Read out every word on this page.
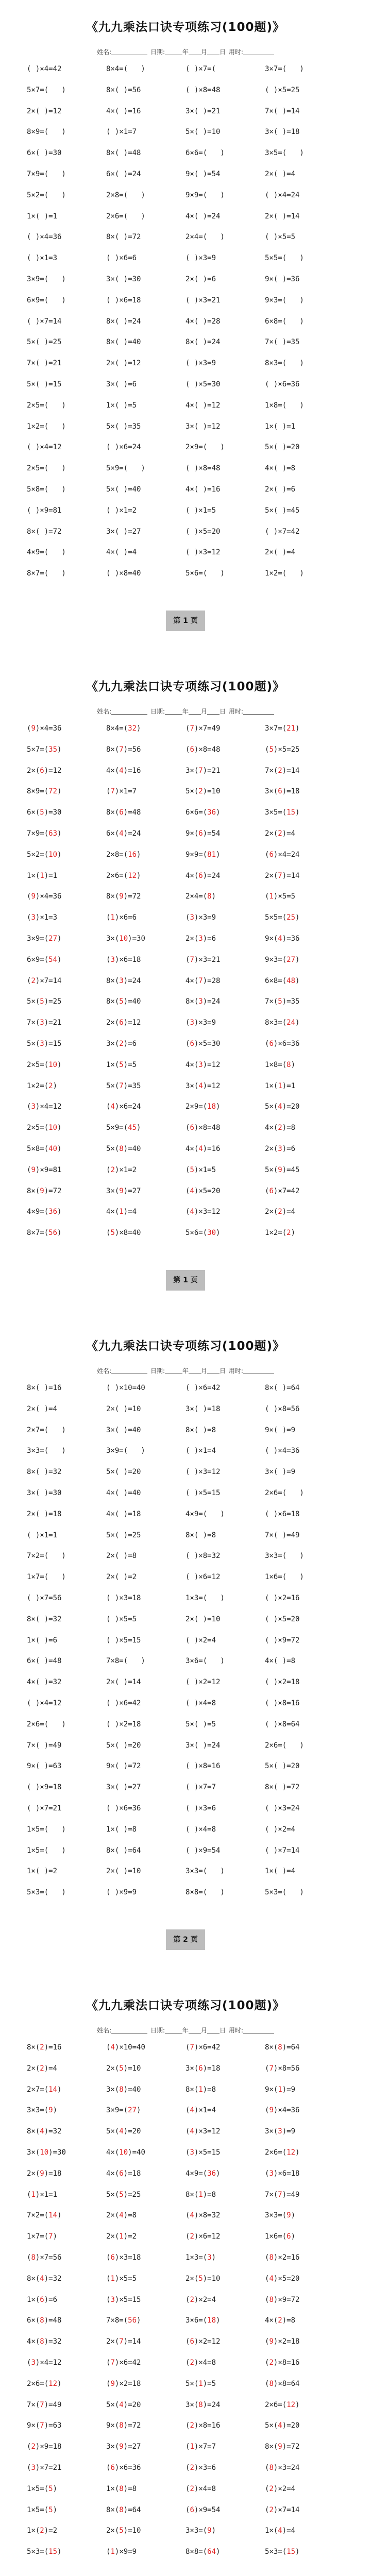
《九九乘法口诀专项练习(100题)》
姓名:	日期:	年 月 日 用时:
( )×4=42	8×4=(   )	( )×7=(	3×7=(   )
5×7=(   )	8×( )=56	( )×8=48	( )×5=25
2×( )=12	4×( )=16	3×( )=21	7×( )=14
8×9=(   )	( )×1=7	5×( )=10	3×( )=18
6×( )=30	8×( )=48	6×6=(   )	3×5=(   )
7×9=(   )	6×( )=24	9×( )=54	2×( )=4
5×2=(   )	2×8=(   )	9×9=(   )	( )×4=24
1×( )=1	2×6=(   )	4×( )=24	2×( )=14
( )×4=36	8×( )=72	2×4=(   )	( )×5=5
( )×1=3	( )×6=6	( )×3=9	5×5=(   )
3×9=(   )	3×( )=30	2×( )=6	9×( )=36
6×9=(   )	( )×6=18	( )×3=21	9×3=(   )
( )×7=14	8×( )=24	4×( )=28	6×8=(   )
5×( )=25	8×( )=40	8×( )=24	7×( )=35
7×( )=21	2×( )=12	( )×3=9	8×3=(   )
5×( )=15	3×( )=6	( )×5=30	( )×6=36
2×5=(   )	1×( )=5	4×( )=12	1×8=(   )
1×2=(   )	5×( )=35	3×( )=12	1×( )=1
( )×4=12	( )×6=24	2×9=(   )	5×( )=20
2×5=(   )	5×9=(   )	( )×8=48	4×( )=8
5×8=(   )	5×( )=40	4×( )=16	2×( )=6
( )×9=81	( )×1=2	( )×1=5	5×( )=45
8×( )=72	3×( )=27	( )×5=20	( )×7=42
4×9=(   )	4×( )=4	( )×3=12	2×( )=4
8×7=(   )	( )×8=40	5×6=(   )	1×2=(   )
第 1 页
《九九乘法口诀专项练习(100题)》
姓名:	日期:	年 月 日 用时:
(9)×4=36	8×4=(32)	(7)×7=49	3×7=(21)
5×7=(35)	8×(7)=56	(6)×8=48	(5)×5=25
2×(6)=12	4×(4)=16	3×(7)=21	7×(2)=14
8×9=(72)	(7)×1=7	5×(2)=10	3×(6)=18
6×(5)=30	8×(6)=48	6×6=(36)	3×5=(15)
7×9=(63)	6×(4)=24	9×(6)=54	2×(2)=4
5×2=(10)	2×8=(16)	9×9=(81)	(6)×4=24
1×(1)=1	2×6=(12)	4×(6)=24	2×(7)=14
(9)×4=36	8×(9)=72	2×4=(8)	(1)×5=5
(3)×1=3	(1)×6=6	(3)×3=9	5×5=(25)
3×9=(27)	3×(10)=30	2×(3)=6	9×(4)=36
6×9=(54)	(3)×6=18	(7)×3=21	9×3=(27)
(2)×7=14	8×(3)=24	4×(7)=28	6×8=(48)
5×(5)=25	8×(5)=40	8×(3)=24	7×(5)=35
7×(3)=21	2×(6)=12	(3)×3=9	8×3=(24)
5×(3)=15	3×(2)=6	(6)×5=30	(6)×6=36
2×5=(10)	1×(5)=5	4×(3)=12	1×8=(8)
1×2=(2)	5×(7)=35	3×(4)=12	1×(1)=1
(3)×4=12	(4)×6=24	2×9=(18)	5×(4)=20
2×5=(10)	5×9=(45)	(6)×8=48	4×(2)=8
5×8=(40)	5×(8)=40	4×(4)=16	2×(3)=6
(9)×9=81	(2)×1=2	(5)×1=5	5×(9)=45
8×(9)=72	3×(9)=27	(4)×5=20	(6)×7=42
4×9=(36)	4×(1)=4	(4)×3=12	2×(2)=4
8×7=(56)	(5)×8=40	5×6=(30)	1×2=(2)
第 1 页
《九九乘法口诀专项练习(100题)》
姓名:	日期:	年 月 日 用时:
8×( )=16	( )×10=40	( )×6=42	8×( )=64
2×( )=4	2×( )=10	3×( )=18	( )×8=56
2×7=(   )	3×( )=40	8×( )=8	9×( )=9
3×3=(   )	3×9=(   )	( )×1=4	( )×4=36
8×( )=32	5×( )=20	( )×3=12	3×( )=9
3×( )=30	4×( )=40	( )×5=15	2×6=(   )
2×( )=18	4×( )=18	4×9=(   )	( )×6=18
( )×1=1	5×( )=25	8×( )=8	7×( )=49
7×2=(   )	2×( )=8	( )×8=32	3×3=(   )
1×7=(   )	2×( )=2	( )×6=12	1×6=(   )
( )×7=56	( )×3=18	1×3=(   )	( )×2=16
8×( )=32	( )×5=5	2×( )=10	( )×5=20
1×( )=6	( )×5=15	( )×2=4	( )×9=72
6×( )=48	7×8=(   )	3×6=(   )	4×( )=8
4×( )=32	2×( )=14	( )×2=12	( )×2=18
( )×4=12	( )×6=42	( )×4=8	( )×8=16
2×6=(   )	( )×2=18	5×( )=5	( )×8=64
7×( )=49	5×( )=20	3×( )=24	2×6=(   )
9×( )=63	9×( )=72	( )×8=16	5×( )=20
( )×9=18	3×( )=27	( )×7=7	8×( )=72
( )×7=21	( )×6=36	( )×3=6	( )×3=24
1×5=(   )	1×( )=8	( )×4=8	( )×2=4
1×5=(   )	8×( )=64	( )×9=54	( )×7=14
1×( )=2	2×( )=10	3×3=(   )	1×( )=4
5×3=(   )	( )×9=9	8×8=(   )	5×3=(   )
第 2 页
《九九乘法口诀专项练习(100题)》
姓名:	日期:	年 月 日 用时:
8×(2)=16	(4)×10=40	(7)×6=42	8×(8)=64
2×(2)=4	2×(5)=10	3×(6)=18	(7)×8=56
2×7=(14)	3×(8)=40	8×(1)=8	9×(1)=9
3×3=(9)	3×9=(27)	(4)×1=4	(9)×4=36
8×(4)=32	5×(4)=20	(4)×3=12	3×(3)=9
3×(10)=30	4×(10)=40	(3)×5=15	2×6=(12)
2×(9)=18	4×(6)=18	4×9=(36)	(3)×6=18
(1)×1=1	5×(5)=25	8×(1)=8	7×(7)=49
7×2=(14)	2×(4)=8	(4)×8=32	3×3=(9)
1×7=(7)	2×(1)=2	(2)×6=12	1×6=(6)
(8)×7=56	(6)×3=18	1×3=(3)	(8)×2=16
8×(4)=32	(1)×5=5	2×(5)=10	(4)×5=20
1×(6)=6	(3)×5=15	(2)×2=4	(8)×9=72
6×(8)=48	7×8=(56)	3×6=(18)	4×(2)=8
4×(8)=32	2×(7)=14	(6)×2=12	(9)×2=18
(3)×4=12	(7)×6=42	(2)×4=8	(2)×8=16
2×6=(12)	(9)×2=18	5×(1)=5	(8)×8=64
7×(7)=49	5×(4)=20	3×(8)=24	2×6=(12)
9×(7)=63	9×(8)=72	(2)×8=16	5×(4)=20
(2)×9=18	3×(9)=27	(1)×7=7	8×(9)=72
(3)×7=21	(6)×6=36	(2)×3=6	(8)×3=24
1×5=(5)	1×(8)=8	(2)×4=8	(2)×2=4
1×5=(5)	8×(8)=64	(6)×9=54	(2)×7=14
1×(2)=2	2×(5)=10	3×3=(9)	1×(4)=4
5×3=(15)	(1)×9=9	8×8=(64)	5×3=(15)
